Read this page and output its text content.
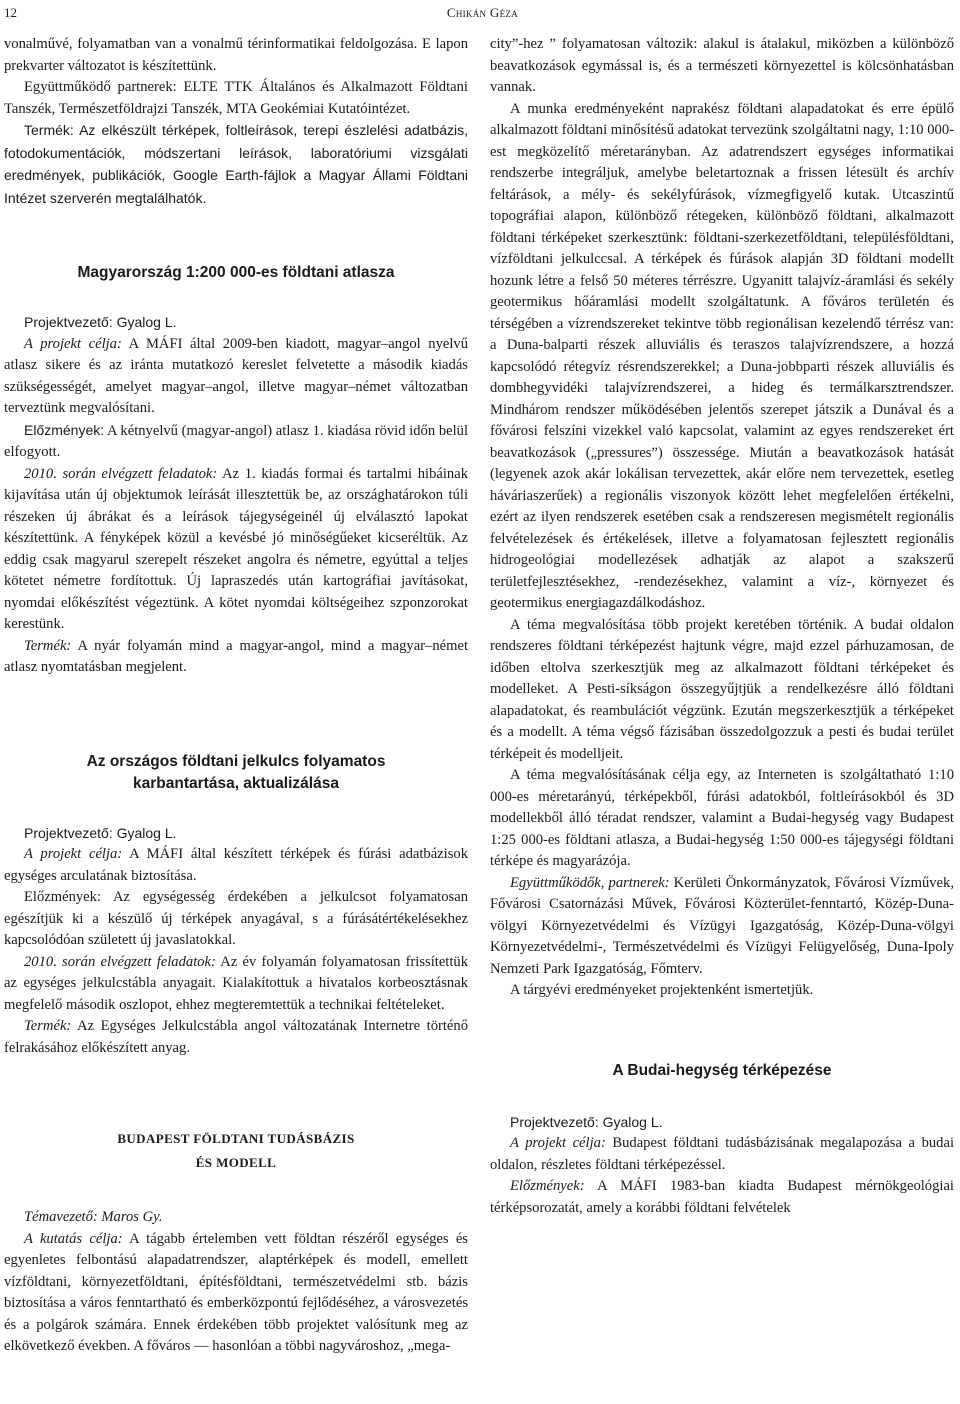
12	Chikán Géza

vonalművé, folyamatban van a vonalmű térinformatikai feldolgozása. E lapon prekvarter változatot is készítettünk.

Együttműködő partnerek: ELTE TTK Általános és Alkalmazott Földtani Tanszék, Természetföldrajzi Tanszék, MTA Geokémiai Kutatóintézet.

Termék: Az elkészült térképek, foltleírások, terepi észlelési adatbázis, fotodokumentációk, módszertani leírások, laboratóriumi vizsgálati eredmények, publikációk, Google Earth-fájlok a Magyar Állami Földtani Intézet szerverén megtalálhatók.

Magyarország 1:200 000-es földtani atlasza

Projektvezető: Gyalog L.

A projekt célja: A MÁFI által 2009-ben kiadott, magyar–angol nyelvű atlasz sikere és az iránta mutatkozó kereslet felvetette a második kiadás szükségességét, amelyet magyar–angol, illetve magyar–német változatban terveztünk megvalósítani.

Előzmények: A kétnyelvű (magyar-angol) atlasz 1. kiadása rövid időn belül elfogyott.

2010. során elvégzett feladatok: Az 1. kiadás formai és tartalmi hibáinak kijavítása után új objektumok leírását illesztettük be, az országhatárokon túli részeken új ábrákat és a leírások tájegységeinél új elválasztó lapokat készítettünk. A fényképek közül a kevésbé jó minőségűeket kicseréltük. Az eddig csak magyarul szerepelt részeket angolra és németre, egyúttal a teljes kötetet németre fordítottuk. Új lapraszedés után kartográfiai javításokat, nyomdai előkészítést végeztünk. A kötet nyomdai költségeihez szponzorokat kerestünk.

Termék: A nyár folyamán mind a magyar-angol, mind a magyar–német atlasz nyomtatásban megjelent.

Az országos földtani jelkulcs folyamatos
karbantartása, aktualizálása

Projektvezető: Gyalog L.

A projekt célja: A MÁFI által készített térképek és fúrási adatbázisok egységes arculatának biztosítása.

Előzmények: Az egységesség érdekében a jelkulcsot folyamatosan egészítjük ki a készülő új térképek anyagával, s a fúrásátértékelésekhez kapcsolódóan született új javaslatokkal.

2010. során elvégzett feladatok: Az év folyamán folyamatosan frissítettük az egységes jelkulcstábla anyagait. Kialakítottuk a hivatalos korbeosztásnak megfelelő második oszlopot, ehhez megteremtettük a technikai feltételeket.

Termék: Az Egységes Jelkulcstábla angol változatának Internetre történő felrakásához előkészített anyag.

BUDAPEST FÖLDTANI TUDÁSBÁZIS
ÉS MODELL

Témavezető: Maros Gy.

A kutatás célja: A tágabb értelemben vett földtan részéről egységes és egyenletes felbontású alapadatrendszer, alaptérképek és modell, emellett vízföldtani, környezetföldtani, építésföldtani, természetvédelmi stb. bázis biztosítása a város fenntartható és emberközpontú fejlődéséhez, a városvezetés és a polgárok számára. Ennek érdekében több projektet valósítunk meg az elkövetkező években. A főváros — hasonlóan a többi nagyvároshoz, „mega-

city”-hez ” folyamatosan változik: alakul is átalakul, miközben a különböző beavatkozások egymással is, és a természeti környezettel is kölcsönhatásban vannak.

A munka eredményeként naprakész földtani alapadatokat és erre épülő alkalmazott földtani minősítésű adatokat tervezünk szolgáltatni nagy, 1:10 000-est megközelítő méretarányban. Az adatrendszert egységes informatikai rendszerbe integráljuk, amelybe beletartoznak a frissen létesült és archív feltárások, a mély- és sekélyfúrások, vízmegfigyelő kutak. Utcaszintű topográfiai alapon, különböző rétegeken, különböző földtani, alkalmazott földtani térképeket szerkesztünk: földtani-szerkezetföldtani, településföldtani, vízföldtani jelkulccsal. A térképek és fúrások alapján 3D földtani modellt hozunk létre a felső 50 méteres térrészre. Ugyanitt talajvíz-áramlási és sekély geotermikus hőáramlási modellt szolgáltatunk. A főváros területén és térségében a vízrendszereket tekintve több regionálisan kezelendő térrész van: a Duna-balparti részek alluviális és teraszos talajvízrendszere, a hozzá kapcsolódó rétegvíz résrendszerekkel; a Duna-jobbparti részek alluviális és dombhegyvidéki talajvízrendszerei, a hideg és termálkarsztrendszer. Mindhárom rendszer működésében jelentős szerepet játszik a Dunával és a fővárosi felszíni vizekkel való kapcsolat, valamint az egyes rendszereket ért beavatkozások („pressures”) összessége. Miután a beavatkozások hatását (legyenek azok akár lokálisan tervezettek, akár előre nem tervezettek, esetleg háváriaszerűek) a regionális viszonyok között lehet megfelelően értékelni, ezért az ilyen rendszerek esetében csak a rendszeresen megismételt regionális felvételezések és értékelések, illetve a folyamatosan fejlesztett regionális hidrogeológiai modellezések adhatják az alapot a szakszerű területfejlesztésekhez, -rendezésekhez, valamint a víz-, környezet és geotermikus energiagazdálkodáshoz.

A téma megvalósítása több projekt keretében történik. A budai oldalon rendszeres földtani térképezést hajtunk végre, majd ezzel párhuzamosan, de időben eltolva szerkesztjük meg az alkalmazott földtani térképeket és modelleket. A Pesti-síkságon összegyűjtjük a rendelkezésre álló földtani alapadatokat, és reambulációt végzünk. Ezután megszerkesztjük a térképeket és a modellt. A téma végső fázisában összedolgozzuk a pesti és budai terület térképeit és modelljeit.

A téma megvalósításának célja egy, az Interneten is szolgáltatható 1:10 000-es méretarányú, térképekből, fúrási adatokból, foltleírásokból és 3D modellekből álló téradat rendszer, valamint a Budai-hegység vagy Budapest 1:25 000-es földtani atlasza, a Budai-hegység 1:50 000-es tájegységi földtani térképe és magyarázója.

Együttműködők, partnerek: Kerületi Önkormányzatok, Fővárosi Vízművek, Fővárosi Csatornázási Művek, Fővárosi Közterület-fenntartó, Közép-Duna-völgyi Környezetvédelmi és Vízügyi Igazgatóság, Közép-Duna-völgyi Környezetvédelmi-, Természetvédelmi és Vízügyi Felügyelőség, Duna-Ipoly Nemzeti Park Igazgatóság, Főmterv.

A tárgyévi eredményeket projektenként ismertetjük.

A Budai-hegység térképezése

Projektvezető: Gyalog L.

A projekt célja: Budapest földtani tudásbázisának megalapozása a budai oldalon, részletes földtani térképezéssel.

Előzmények: A MÁFI 1983-ban kiadta Budapest mérnökgeológiai térképsorozatát, amely a korábbi földtani felvételek
